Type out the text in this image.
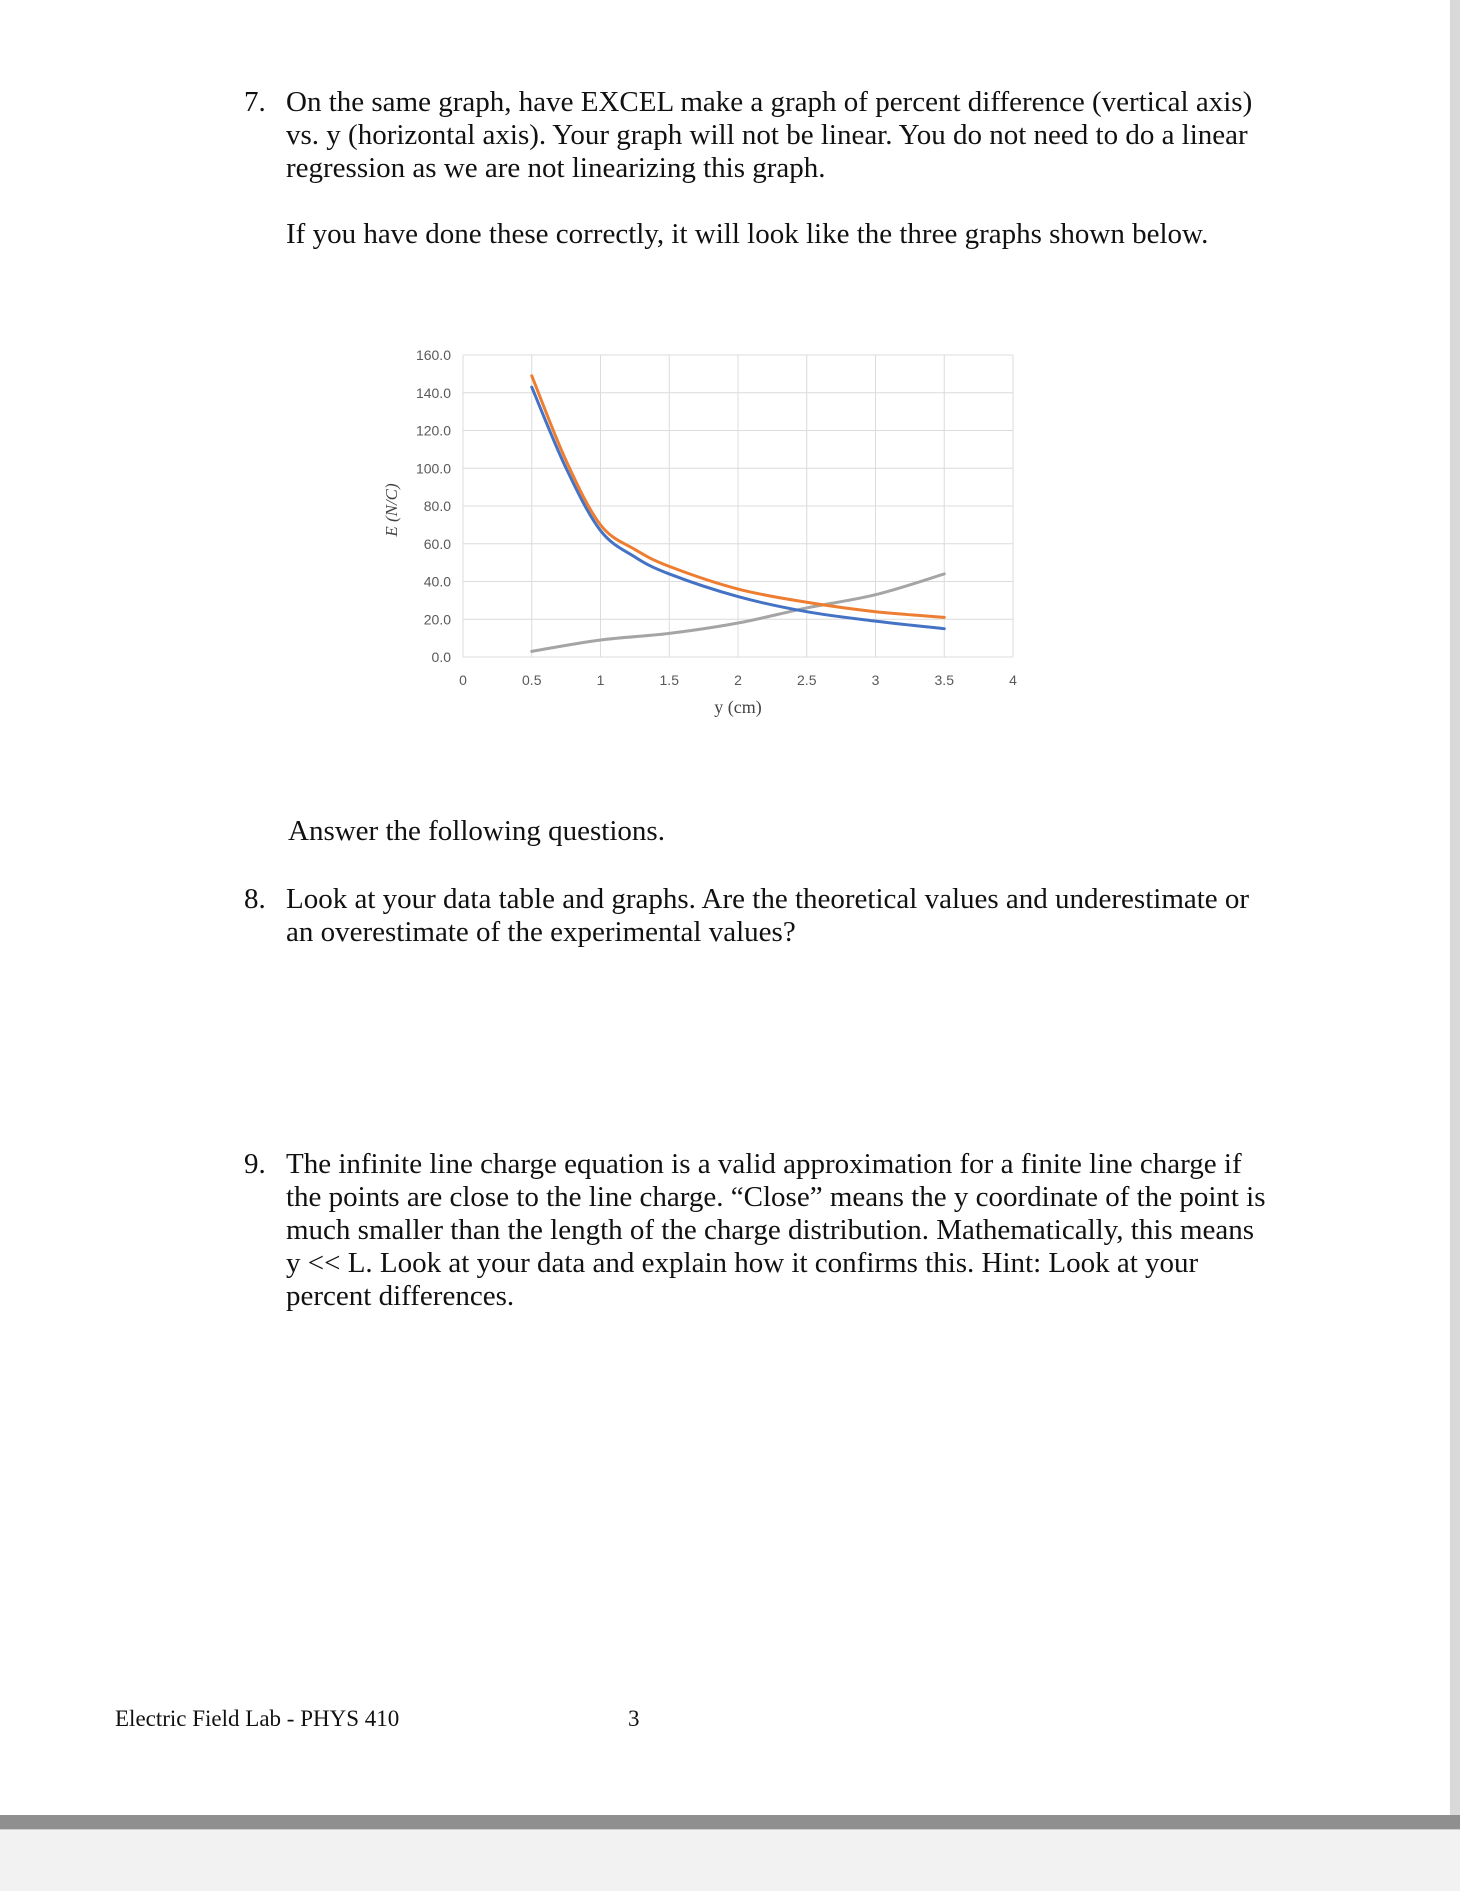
7. On the same graph, have EXCEL make a graph of percent difference (vertical axis)
vs. y (horizontal axis). Your graph will not be linear. You do not need to do a linear
regression as we are not linearizing this graph.
If you have done these correctly, it will look like the three graphs shown below.
0.0
20.0
40.0
60.0
80.0
100.0
120.0
140.0
160.0
0	0.5	1	1.5	2	2.5	3	3.5	4
E (N/C)
y (cm)
Answer the following questions.
8. Look at your data table and graphs. Are the theoretical values and underestimate or
an overestimate of the experimental values?
9. The infinite line charge equation is a valid approximation for a finite line charge if
the points are close to the line charge. “Close” means the y coordinate of the point is
much smaller than the length of the charge distribution. Mathematically, this means
y << L. Look at your data and explain how it confirms this. Hint: Look at your
percent differences.
Electric Field Lab - PHYS 410	3
